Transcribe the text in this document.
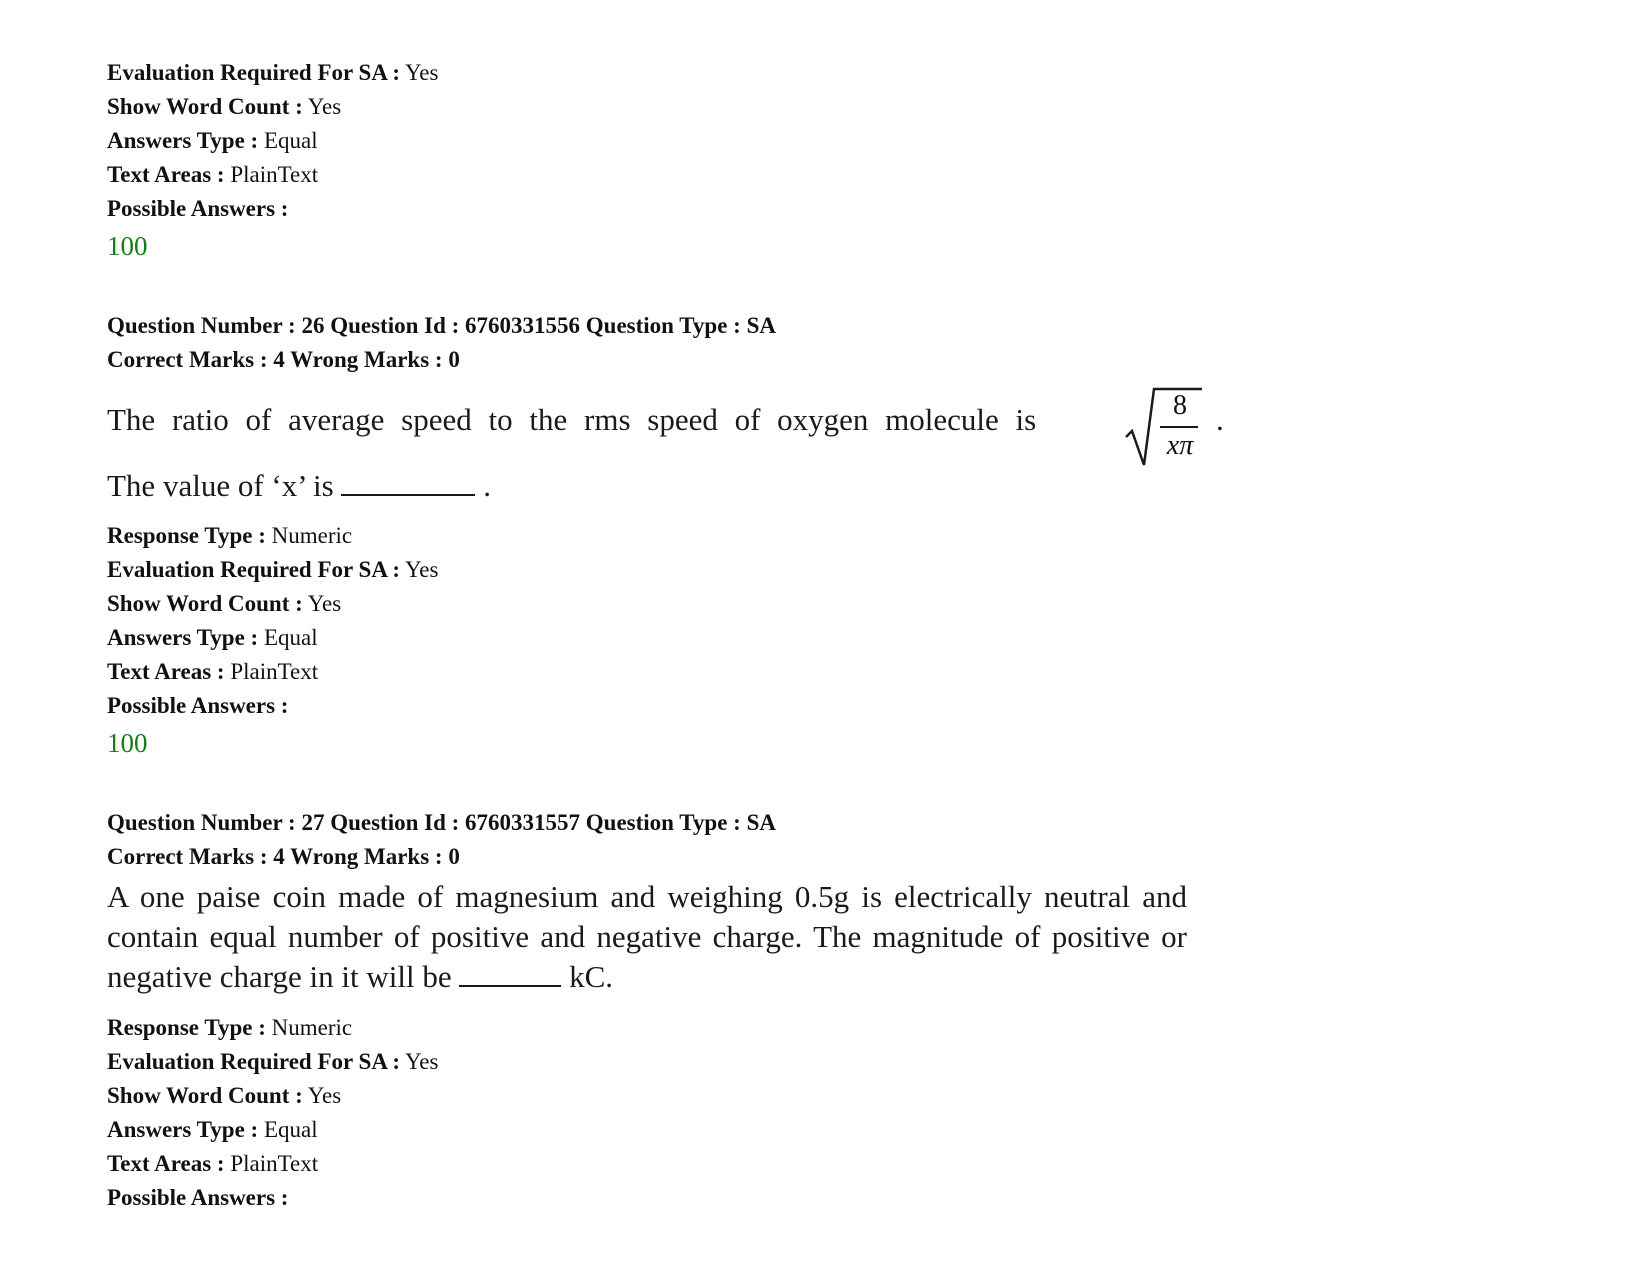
Evaluation Required For SA : Yes
Show Word Count : Yes
Answers Type : Equal
Text Areas : PlainText
Possible Answers :
100
Question Number : 26 Question Id : 6760331556 Question Type : SA
Correct Marks : 4 Wrong Marks : 0
The ratio of average speed to the rms speed of oxygen molecule is	8
xπ
.
The value of ‘x’ is	.
Response Type : Numeric
Evaluation Required For SA : Yes
Show Word Count : Yes
Answers Type : Equal
Text Areas : PlainText
Possible Answers :
100
Question Number : 27 Question Id : 6760331557 Question Type : SA
Correct Marks : 4 Wrong Marks : 0
A one paise coin made of magnesium and weighing 0.5g is electrically neutral and contain equal number of positive and negative charge. The magnitude of positive or negative charge in it will be	kC.
Response Type : Numeric
Evaluation Required For SA : Yes
Show Word Count : Yes
Answers Type : Equal
Text Areas : PlainText
Possible Answers :
